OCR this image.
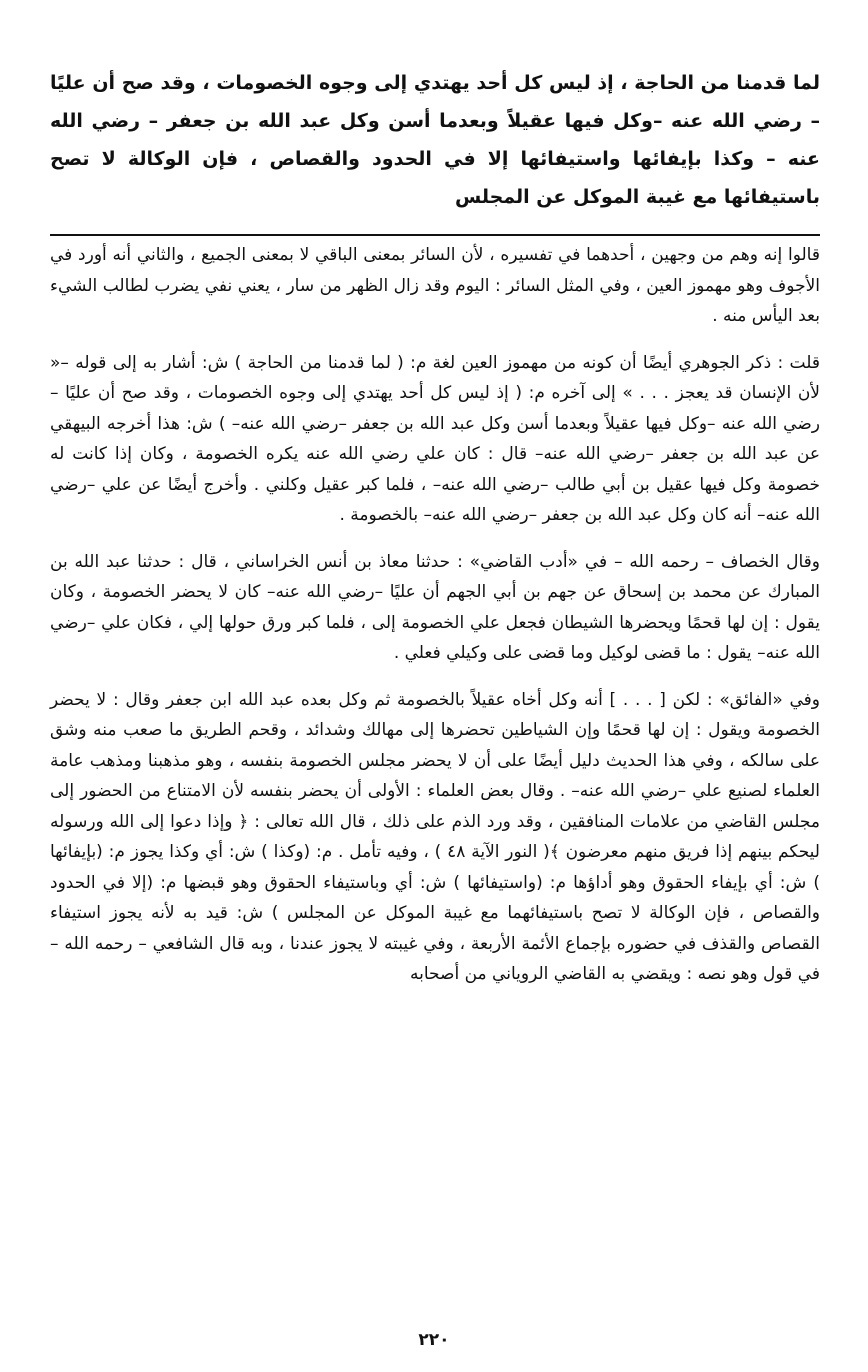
لما قدمنا من الحاجة ، إذ ليس كل أحد يهتدي إلى وجوه الخصومات ، وقد صح أن عليًا – رضي الله عنه –وكل فيها عقيلاً وبعدما أسن وكل عبد الله بن جعفر – رضي الله عنه – وكذا بإيفائها واستيفائها إلا في الحدود والقصاص ، فإن الوكالة لا تصح باستيفائها مع غيبة الموكل عن المجلس

قالوا إنه وهم من وجهين ، أحدهما في تفسيره ، لأن السائر بمعنى الباقي لا بمعنى الجميع ، والثاني أنه أورد في الأجوف وهو مهموز العين ، وفي المثل السائر : اليوم وقد زال الظهر من سار ، يعني نفي يضرب لطالب الشيء بعد اليأس منه .

قلت : ذكر الجوهري أيضًا أن كونه من مهموز العين لغة م: ( لما قدمنا من الحاجة ) ش: أشار به إلى قوله –« لأن الإنسان قد يعجز . . . » إلى آخره م: ( إذ ليس كل أحد يهتدي إلى وجوه الخصومات ، وقد صح أن عليًا –رضي الله عنه –وكل فيها عقيلاً وبعدما أسن وكل عبد الله بن جعفر –رضي الله عنه– ) ش: هذا أخرجه البيهقي عن عبد الله بن جعفر –رضي الله عنه– قال : كان علي رضي الله عنه يكره الخصومة ، وكان إذا كانت له خصومة وكل فيها عقيل بن أبي طالب –رضي الله عنه– ، فلما كبر عقيل وكلني . وأخرج أيضًا عن علي –رضي الله عنه– أنه كان وكل عبد الله بن جعفر –رضي الله عنه– بالخصومة .

وقال الخصاف – رحمه الله – في «أدب القاضي» : حدثنا معاذ بن أنس الخراساني ، قال : حدثنا عبد الله بن المبارك عن محمد بن إسحاق عن جهم بن أبي الجهم أن عليًا –رضي الله عنه– كان لا يحضر الخصومة ، وكان يقول : إن لها قحمًا ويحضرها الشيطان فجعل علي الخصومة إلى ، فلما كبر ورق حولها إلي ، فكان علي –رضي الله عنه– يقول : ما قضى لوكيل وما قضى على وكيلي فعلي .

وفي «الفائق» : لكن [ . . . ] أنه وكل أخاه عقيلاً بالخصومة ثم وكل بعده عبد الله ابن جعفر وقال : لا يحضر الخصومة ويقول : إن لها قحمًا وإن الشياطين تحضرها إلى مهالك وشدائد ، وقحم الطريق ما صعب منه وشق على سالكه ، وفي هذا الحديث دليل أيضًا على أن لا يحضر مجلس الخصومة بنفسه ، وهو مذهبنا ومذهب عامة العلماء لصنيع علي –رضي الله عنه– . وقال بعض العلماء : الأولى أن يحضر بنفسه لأن الامتناع من الحضور إلى مجلس القاضي من علامات المنافقين ، وقد ورد الذم على ذلك ، قال الله تعالى : ﴿ وإذا دعوا إلى الله ورسوله ليحكم بينهم إذا فريق منهم معرضون ﴾( النور الآية ٤٨ ) ، وفيه تأمل . م: (وكذا ) ش: أي وكذا يجوز م: (بإيفائها ) ش: أي بإيفاء الحقوق وهو أداؤها م: (واستيفائها ) ش: أي وباستيفاء الحقوق وهو قبضها م: (إلا في الحدود والقصاص ، فإن الوكالة لا تصح باستيفائهما مع غيبة الموكل عن المجلس ) ش: قيد به لأنه يجوز استيفاء القصاص والقذف في حضوره بإجماع الأئمة الأربعة ، وفي غيبته لا يجوز عندنا ، وبه قال الشافعي – رحمه الله – في قول وهو نصه : ويقضي به القاضي الروياني من أصحابه

٢٢٠
